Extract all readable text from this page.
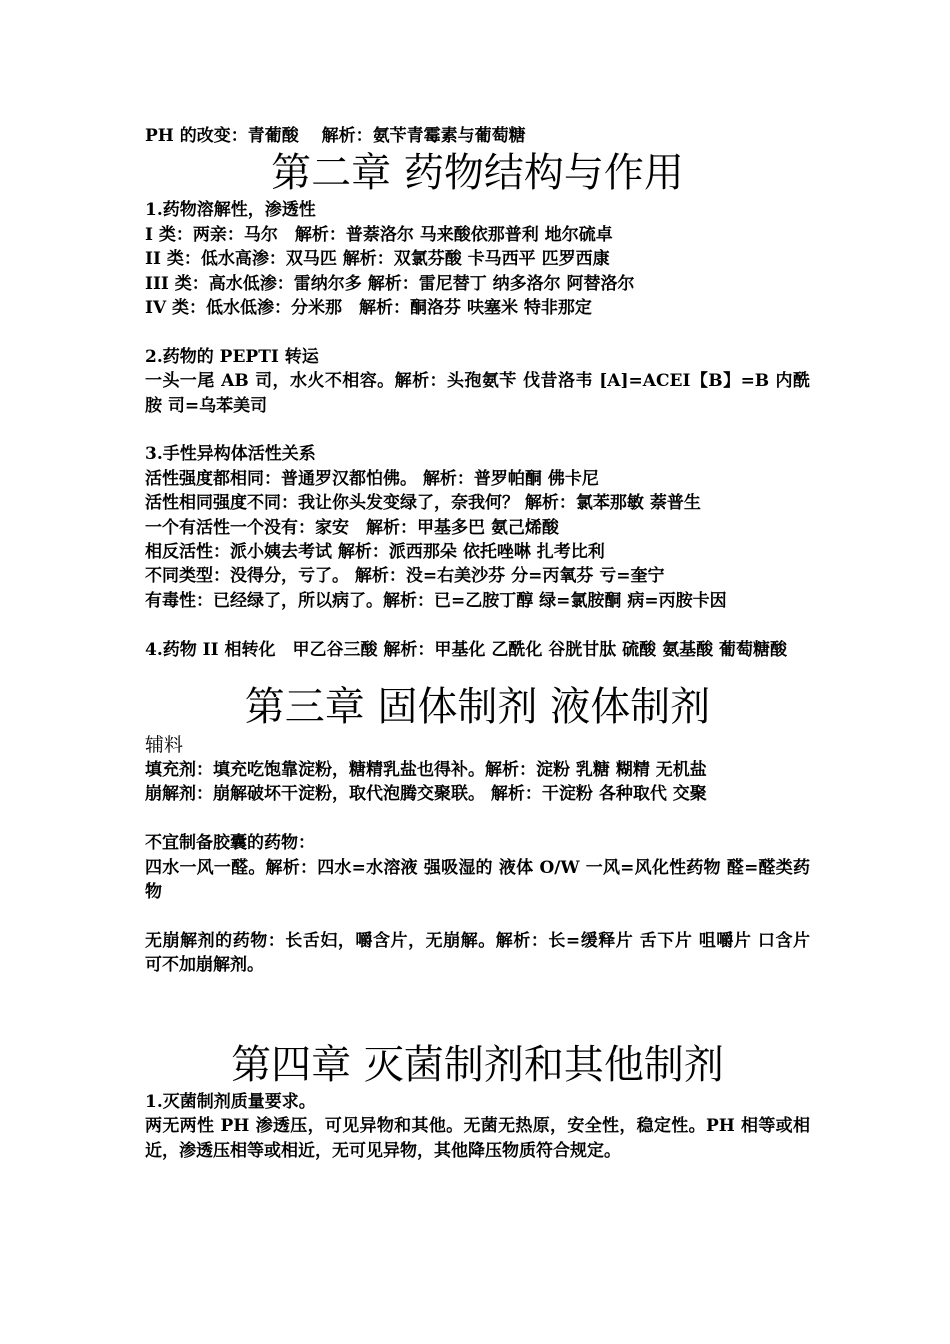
PH 的改变：青葡酸　 解析：氨苄青霉素与葡萄糖

第二章 药物结构与作用

1.药物溶解性，渗透性

I 类：两亲：马尔　解析：普萘洛尔 马来酸依那普利 地尔硫卓

II 类：低水高渗：双马匹 解析：双氯芬酸 卡马西平 匹罗西康

III 类：高水低渗：雷纳尔多 解析：雷尼替丁 纳多洛尔 阿替洛尔

IV 类：低水低渗：分米那　解析：酮洛芬 呋塞米 特非那定

2.药物的 PEPTI 转运

一头一尾 AB 司，水火不相容。解析：头孢氨苄 伐昔洛韦 [A]=ACEI【B】=B 内酰胺 司=乌苯美司

3.手性异构体活性关系

活性强度都相同：普通罗汉都怕佛。 解析：普罗帕酮 佛卡尼

活性相同强度不同：我让你头发变绿了，奈我何？ 解析：氯苯那敏 萘普生

一个有活性一个没有：家安　解析：甲基多巴 氨己烯酸

相反活性：派小姨去考试 解析：派西那朵 依托唑啉 扎考比利

不同类型：没得分，亏了。 解析：没=右美沙芬 分=丙氧芬 亏=奎宁

有毒性：已经绿了，所以病了。解析：已=乙胺丁醇 绿=氯胺酮 病=丙胺卡因

4.药物 II 相转化　甲乙谷三酸 解析：甲基化 乙酰化 谷胱甘肽 硫酸 氨基酸 葡萄糖酸

第三章 固体制剂 液体制剂

辅料

填充剂：填充吃饱靠淀粉，糖精乳盐也得补。解析：淀粉 乳糖 糊精 无机盐

崩解剂：崩解破坏干淀粉，取代泡腾交聚联。 解析：干淀粉 各种取代 交聚

不宜制备胶囊的药物：

四水一风一醛。解析：四水=水溶液 强吸湿的 液体 O/W 一风=风化性药物 醛=醛类药物

无崩解剂的药物：长舌妇，嚼含片，无崩解。解析：长=缓释片 舌下片 咀嚼片 口含片 可不加崩解剂。

第四章 灭菌制剂和其他制剂

1.灭菌制剂质量要求。

两无两性 PH 渗透压，可见异物和其他。无菌无热原，安全性，稳定性。PH 相等或相近，渗透压相等或相近，无可见异物，其他降压物质符合规定。
